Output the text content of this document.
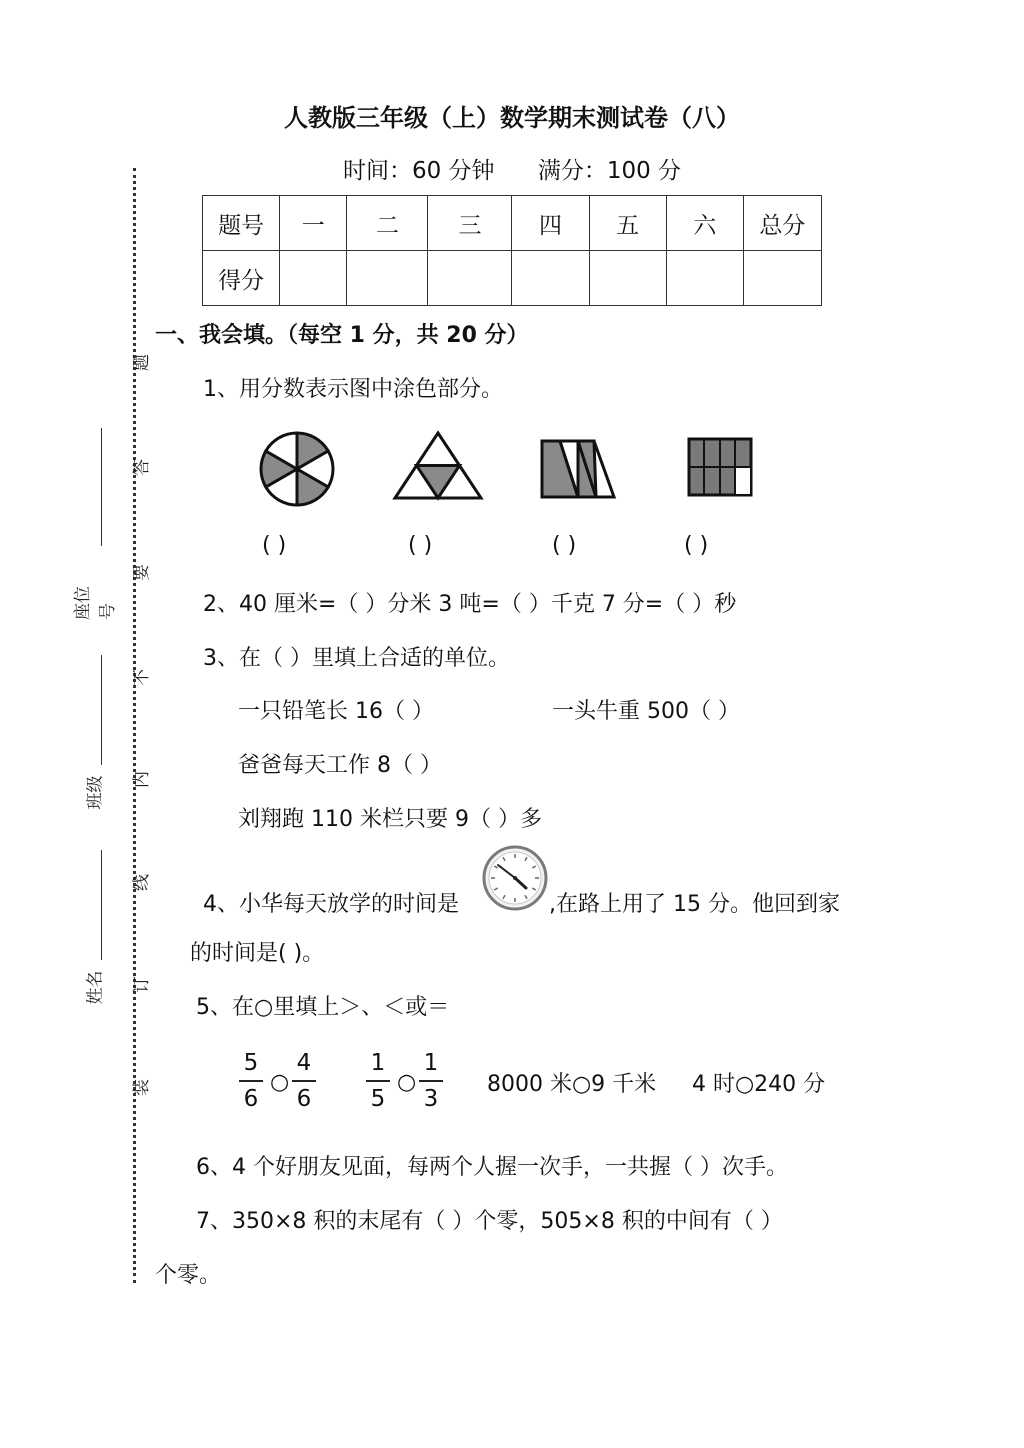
人教版三年级（上）数学期末测试卷（八）
时间：60 分钟 满分：100 分
题号	一	二	三	四	五	六	总分
得分							
题
答
要
不
内
线
订
装
座位号
班级
姓名
一、我会填。（每空 1 分，共 20 分）
1、用分数表示图中涂色部分。
( )	( )	( )	( )
2、40 厘米=（ ）分米 3 吨=（ ）千克 7 分=（ ）秒
3、在（ ）里填上合适的单位。
一只铅笔长 16（ ）	一头牛重 500（ ）
爸爸每天工作 8（ ）
刘翔跑 110 米栏只要 9（ ）多
4、小华每天放学的时间是	,在路上用了 15 分。他回到家
的时间是( )。
5、在○里填上＞、＜或＝
5
6
○
4
6
1
5
○
1
3
8000 米○9 千米 4 时○240 分
6、4 个好朋友见面，每两个人握一次手，一共握（ ）次手。
7、350×8 积的末尾有（ ）个零，505×8 积的中间有（ ）
个零。
